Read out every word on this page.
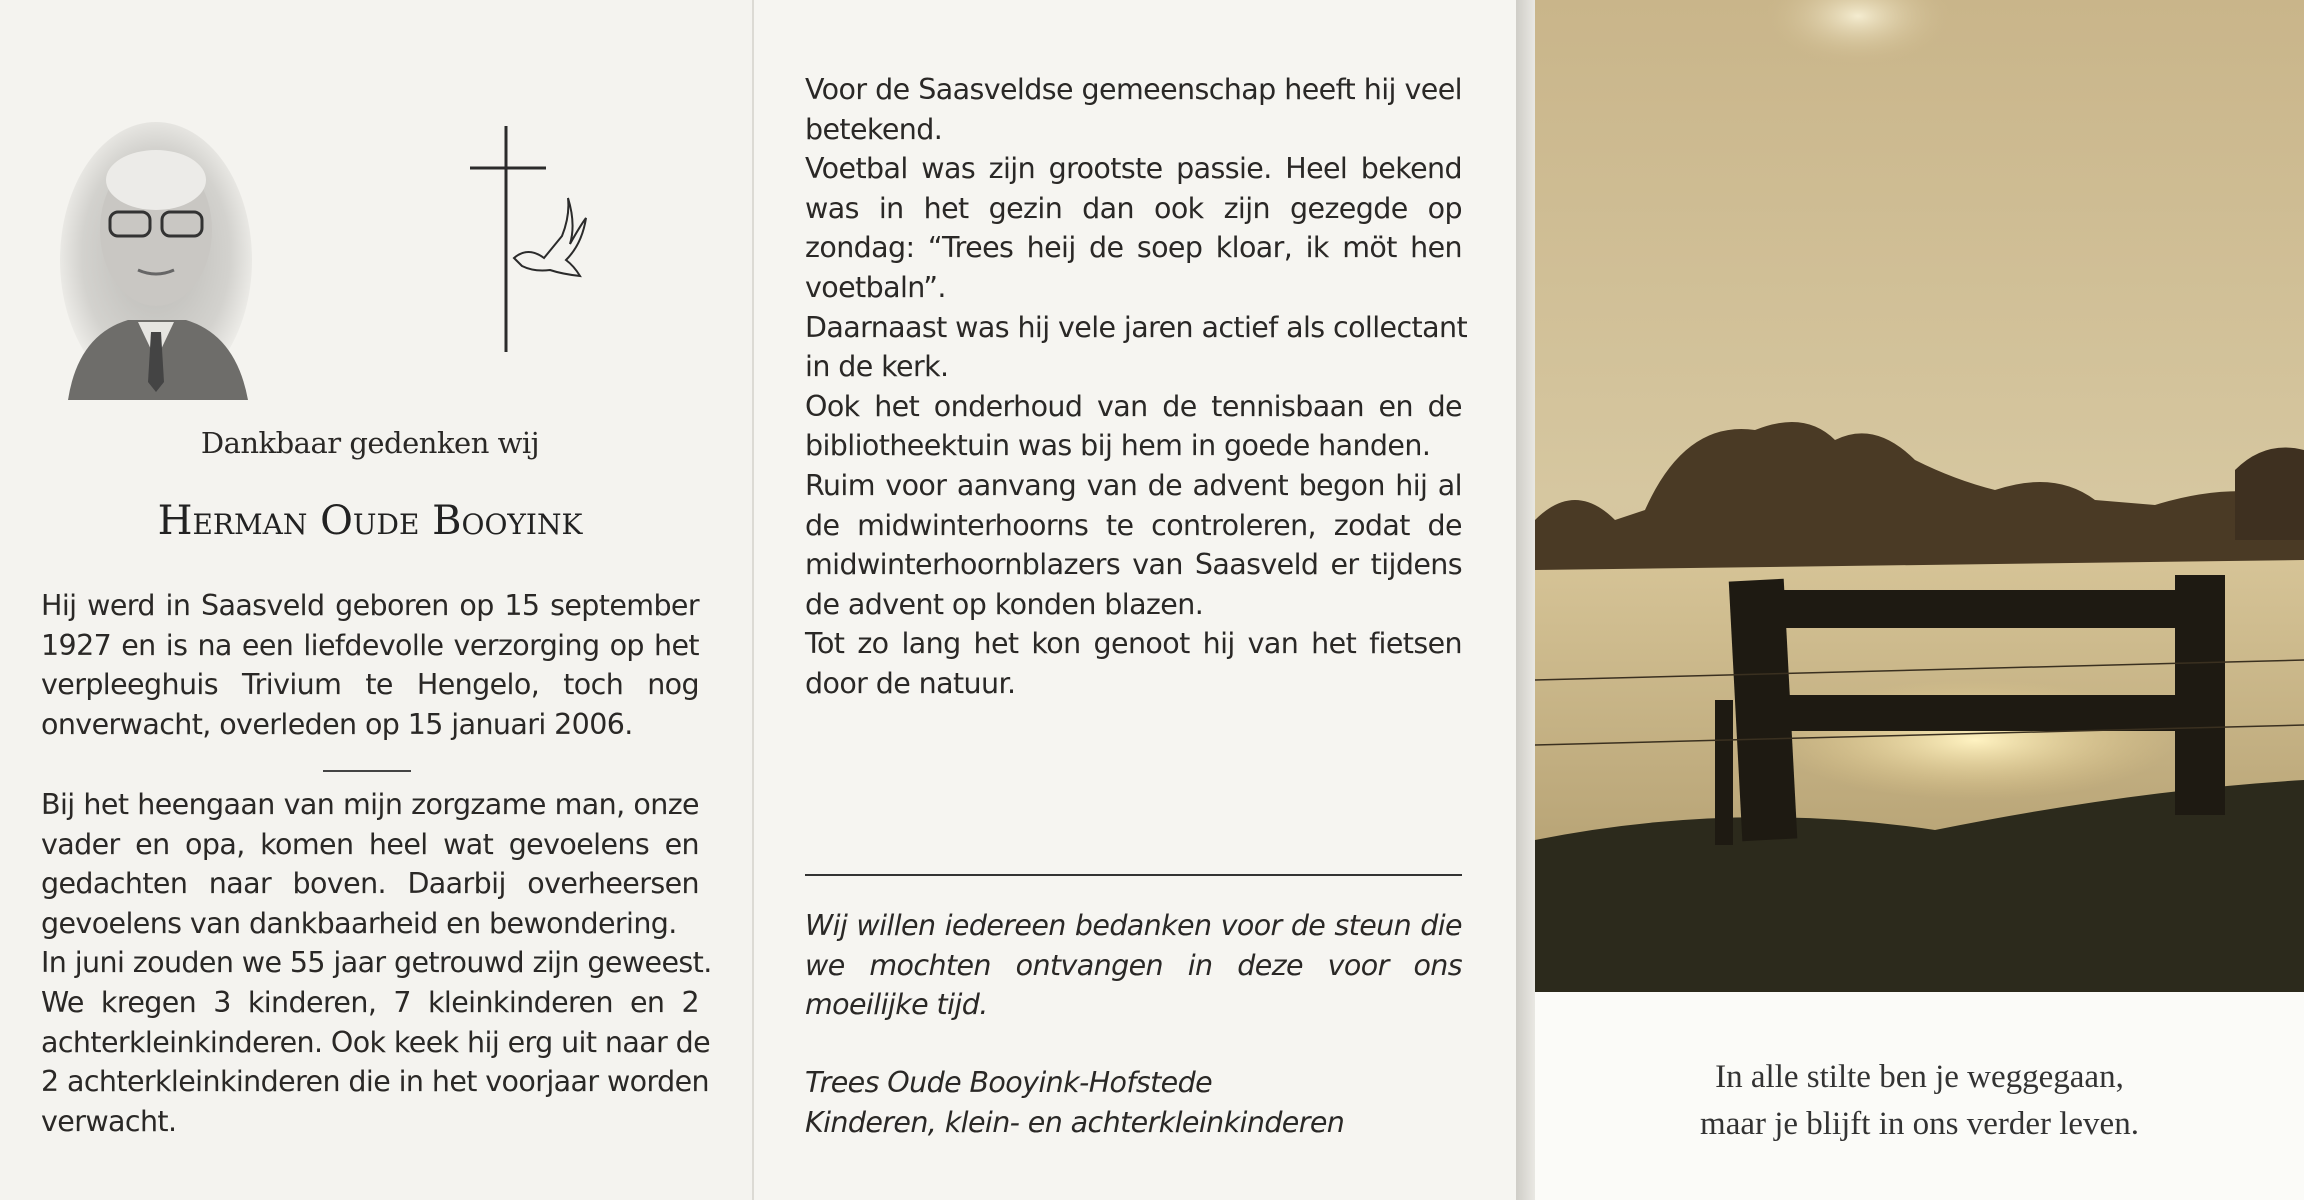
Dankbaar gedenken wij
Herman Oude Booyink
Hij werd in Saasveld geboren op 15 september
1927 en is na een liefdevolle verzorging op het
verpleeghuis Trivium te Hengelo, toch nog
onverwacht, overleden op 15 januari 2006.
Bij het heengaan van mijn zorgzame man, onze
vader en opa, komen heel wat gevoelens en
gedachten naar boven. Daarbij overheersen
gevoelens van dankbaarheid en bewondering.
In juni zouden we 55 jaar getrouwd zijn geweest.
We kregen 3 kinderen, 7 kleinkinderen en 2
achterkleinkinderen. Ook keek hij erg uit naar de
2 achterkleinkinderen die in het voorjaar worden
verwacht.
Voor de Saasveldse gemeenschap heeft hij veel
betekend.
Voetbal was zijn grootste passie. Heel bekend
was in het gezin dan ook zijn gezegde op
zondag: “Trees heij de soep kloar, ik möt hen
voetbaln”.
Daarnaast was hij vele jaren actief als collectant
in de kerk.
Ook het onderhoud van de tennisbaan en de
bibliotheektuin was bij hem in goede handen.
Ruim voor aanvang van de advent begon hij al
de midwinterhoorns te controleren, zodat de
midwinterhoornblazers van Saasveld er tijdens
de advent op konden blazen.
Tot zo lang het kon genoot hij van het fietsen
door de natuur.
Wij willen iedereen bedanken voor de steun die
we mochten ontvangen in deze voor ons
moeilijke tijd.
Trees Oude Booyink-Hofstede
Kinderen, klein- en achterkleinkinderen
In alle stilte ben je weggegaan,
maar je blijft in ons verder leven.
